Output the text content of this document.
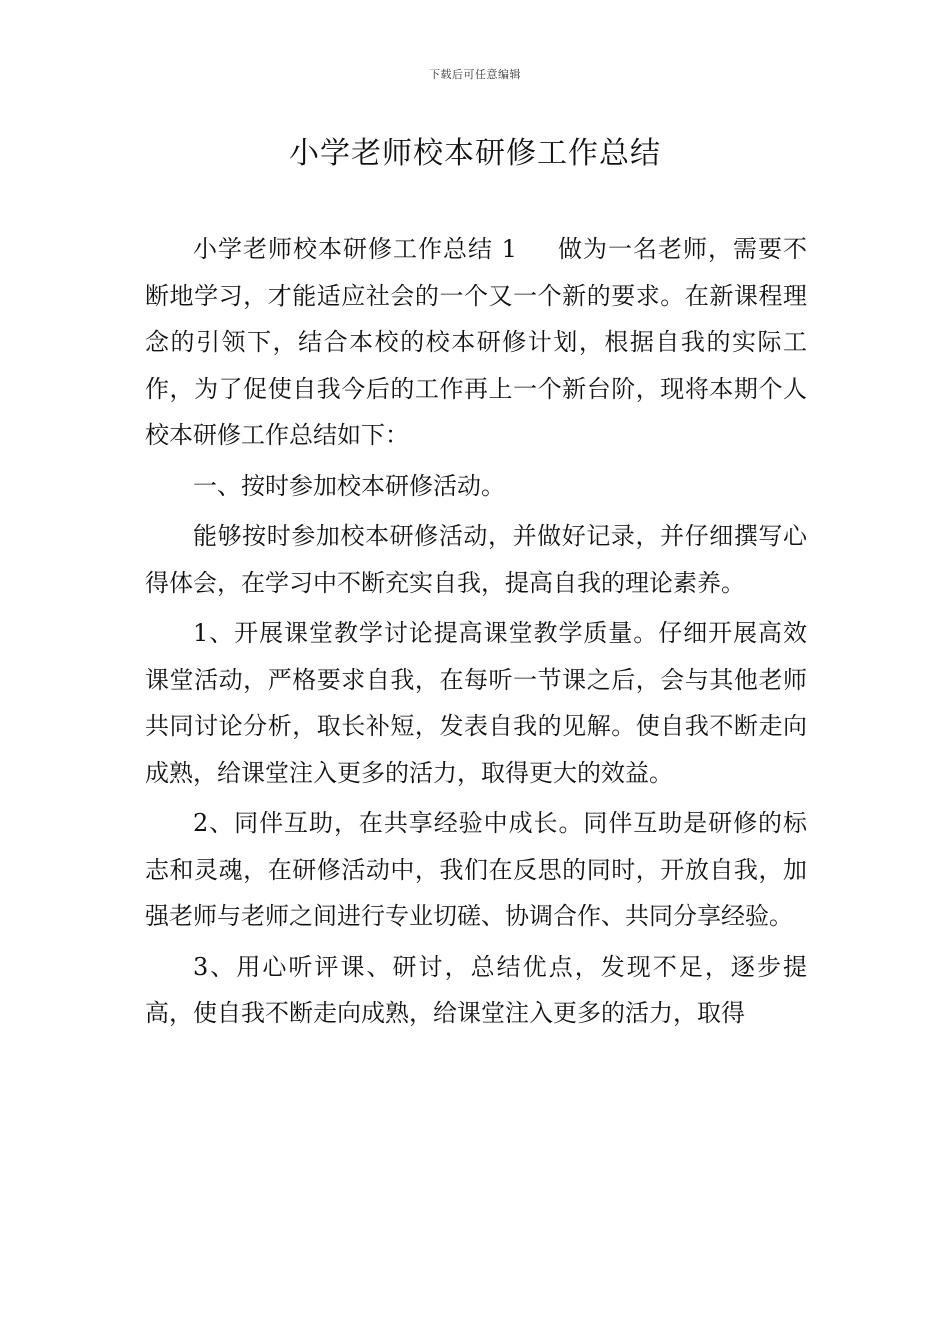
下载后可任意编辑
小学老师校本研修工作总结

小学老师校本研修工作总结 1 做为一名老师，需要不断地学习，才能适应社会的一个又一个新的要求。在新课程理念的引领下，结合本校的校本研修计划，根据自我的实际工作，为了促使自我今后的工作再上一个新台阶，现将本期个人校本研修工作总结如下：

一、按时参加校本研修活动。

能够按时参加校本研修活动，并做好记录，并仔细撰写心得体会，在学习中不断充实自我，提高自我的理论素养。

1、开展课堂教学讨论提高课堂教学质量。仔细开展高效课堂活动，严格要求自我，在每听一节课之后，会与其他老师共同讨论分析，取长补短，发表自我的见解。使自我不断走向成熟，给课堂注入更多的活力，取得更大的效益。

2、同伴互助，在共享经验中成长。同伴互助是研修的标志和灵魂，在研修活动中，我们在反思的同时，开放自我，加强老师与老师之间进行专业切磋、协调合作、共同分享经验。

3、用心听评课、研讨，总结优点，发现不足，逐步提高，使自我不断走向成熟，给课堂注入更多的活力，取得
